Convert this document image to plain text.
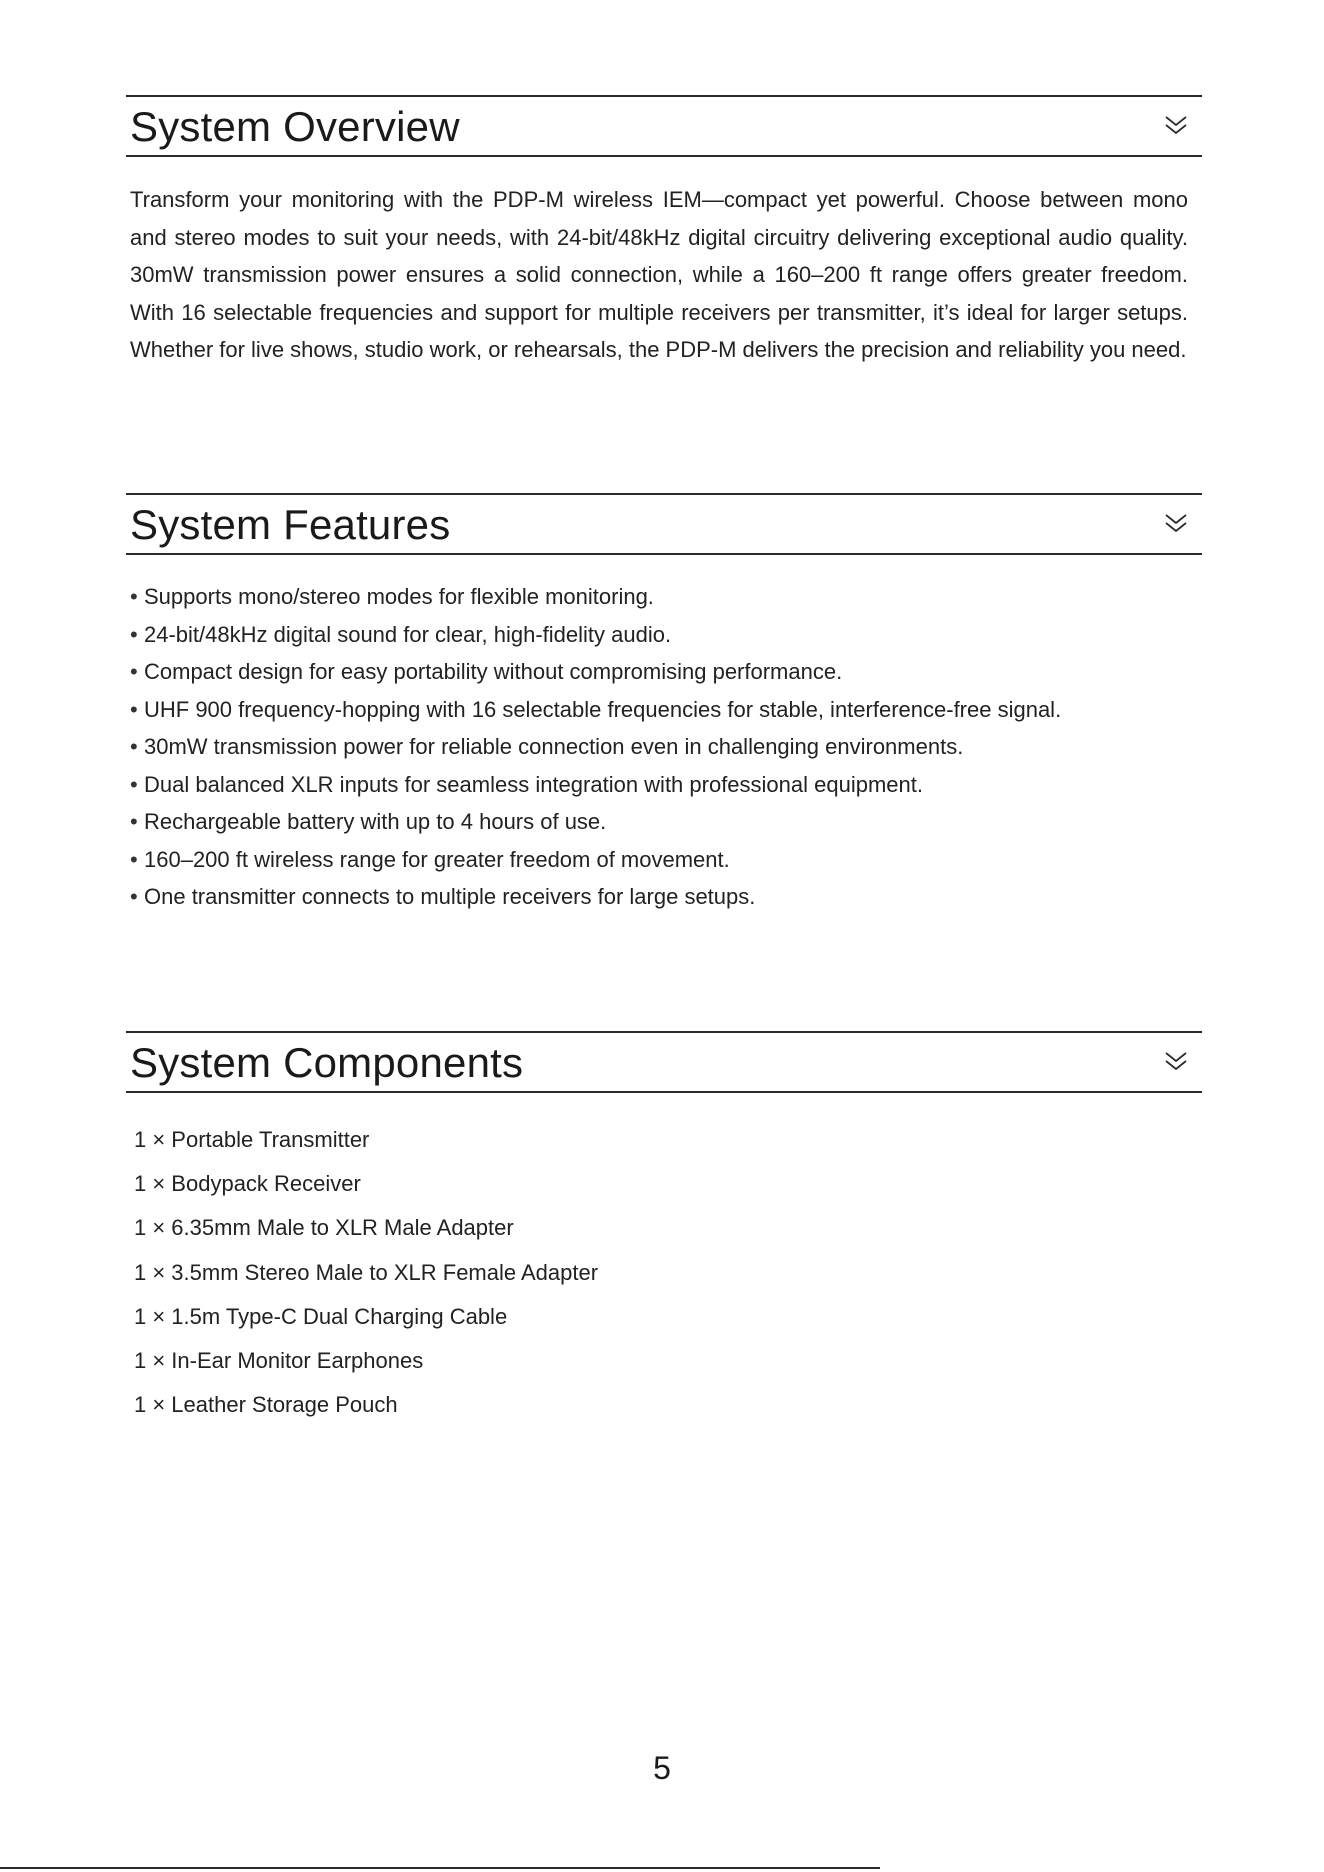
System Overview

Transform your monitoring with the PDP-M wireless IEM—compact yet powerful. Choose between mono and stereo modes to suit your needs, with 24-bit/48kHz digital circuitry delivering exceptional audio quality. 30mW transmission power ensures a solid connection, while a 160–200 ft range offers greater freedom. With 16 selectable frequencies and support for multiple receivers per transmitter, it’s ideal for larger setups. Whether for live shows, studio work, or rehearsals, the PDP-M delivers the precision and reliability you need.

System Features
• Supports mono/stereo modes for flexible monitoring.
• 24-bit/48kHz digital sound for clear, high-fidelity audio.
• Compact design for easy portability without compromising performance.
• UHF 900 frequency-hopping with 16 selectable frequencies for stable, interference-free signal.
• 30mW transmission power for reliable connection even in challenging environments.
• Dual balanced XLR inputs for seamless integration with professional equipment.
• Rechargeable battery with up to 4 hours of use.
• 160–200 ft wireless range for greater freedom of movement.
• One transmitter connects to multiple receivers for large setups.
System Components
1 × Portable Transmitter
1 × Bodypack Receiver
1 × 6.35mm Male to XLR Male Adapter
1 × 3.5mm Stereo Male to XLR Female Adapter
1 × 1.5m Type-C Dual Charging Cable
1 × In-Ear Monitor Earphones
1 × Leather Storage Pouch
5
